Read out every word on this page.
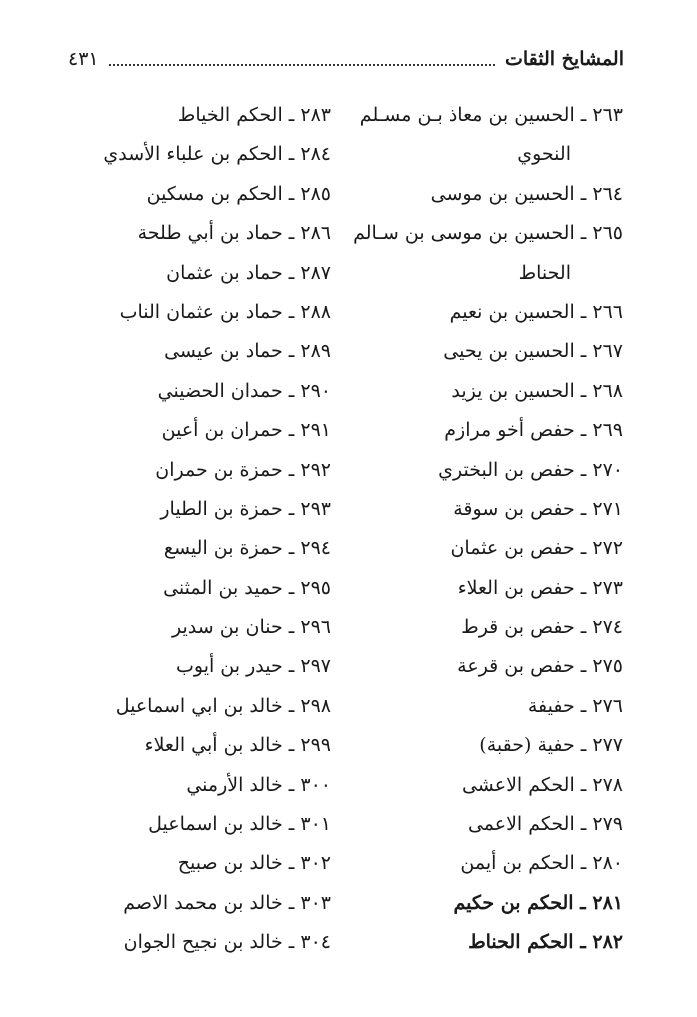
المشايخ الثقات
٤٣١
٢٦٣ ـ الحسين بن معاذ بـن مسـلم
النحوي
٢٦٤ ـ الحسين بن موسى
٢٦٥ ـ الحسين بن موسى بن سـالم
الحناط
٢٦٦ ـ الحسين بن نعيم
٢٦٧ ـ الحسين بن يحيى
٢٦٨ ـ الحسين بن يزيد
٢٦٩ ـ حفص أخو مرازم
٢٧٠ ـ حفص بن البختري
٢٧١ ـ حفص بن سوقة
٢٧٢ ـ حفص بن عثمان
٢٧٣ ـ حفص بن العلاء
٢٧٤ ـ حفص بن قرط
٢٧٥ ـ حفص بن قرعة
٢٧٦ ـ حفيفة
٢٧٧ ـ حفية (حقبة)
٢٧٨ ـ الحكم الاعشى
٢٧٩ ـ الحكم الاعمى
٢٨٠ ـ الحكم بن أيمن
٢٨١ ـ الحكم بن حكيم
٢٨٢ ـ الحكم الحناط
٢٨٣ ـ الحكم الخياط
٢٨٤ ـ الحكم بن علباء الأسدي
٢٨٥ ـ الحكم بن مسكين
٢٨٦ ـ حماد بن أبي طلحة
٢٨٧ ـ حماد بن عثمان
٢٨٨ ـ حماد بن عثمان الناب
٢٨٩ ـ حماد بن عيسى
٢٩٠ ـ حمدان الحضيني
٢٩١ ـ حمران بن أعين
٢٩٢ ـ حمزة بن حمران
٢٩٣ ـ حمزة بن الطيار
٢٩٤ ـ حمزة بن اليسع
٢٩٥ ـ حميد بن المثنى
٢٩٦ ـ حنان بن سدير
٢٩٧ ـ حيدر بن أيوب
٢٩٨ ـ خالد بن ابي اسماعيل
٢٩٩ ـ خالد بن أبي العلاء
٣٠٠ ـ خالد الأرمني
٣٠١ ـ خالد بن اسماعيل
٣٠٢ ـ خالد بن صبيح
٣٠٣ ـ خالد بن محمد الاصم
٣٠٤ ـ خالد بن نجيح الجوان
